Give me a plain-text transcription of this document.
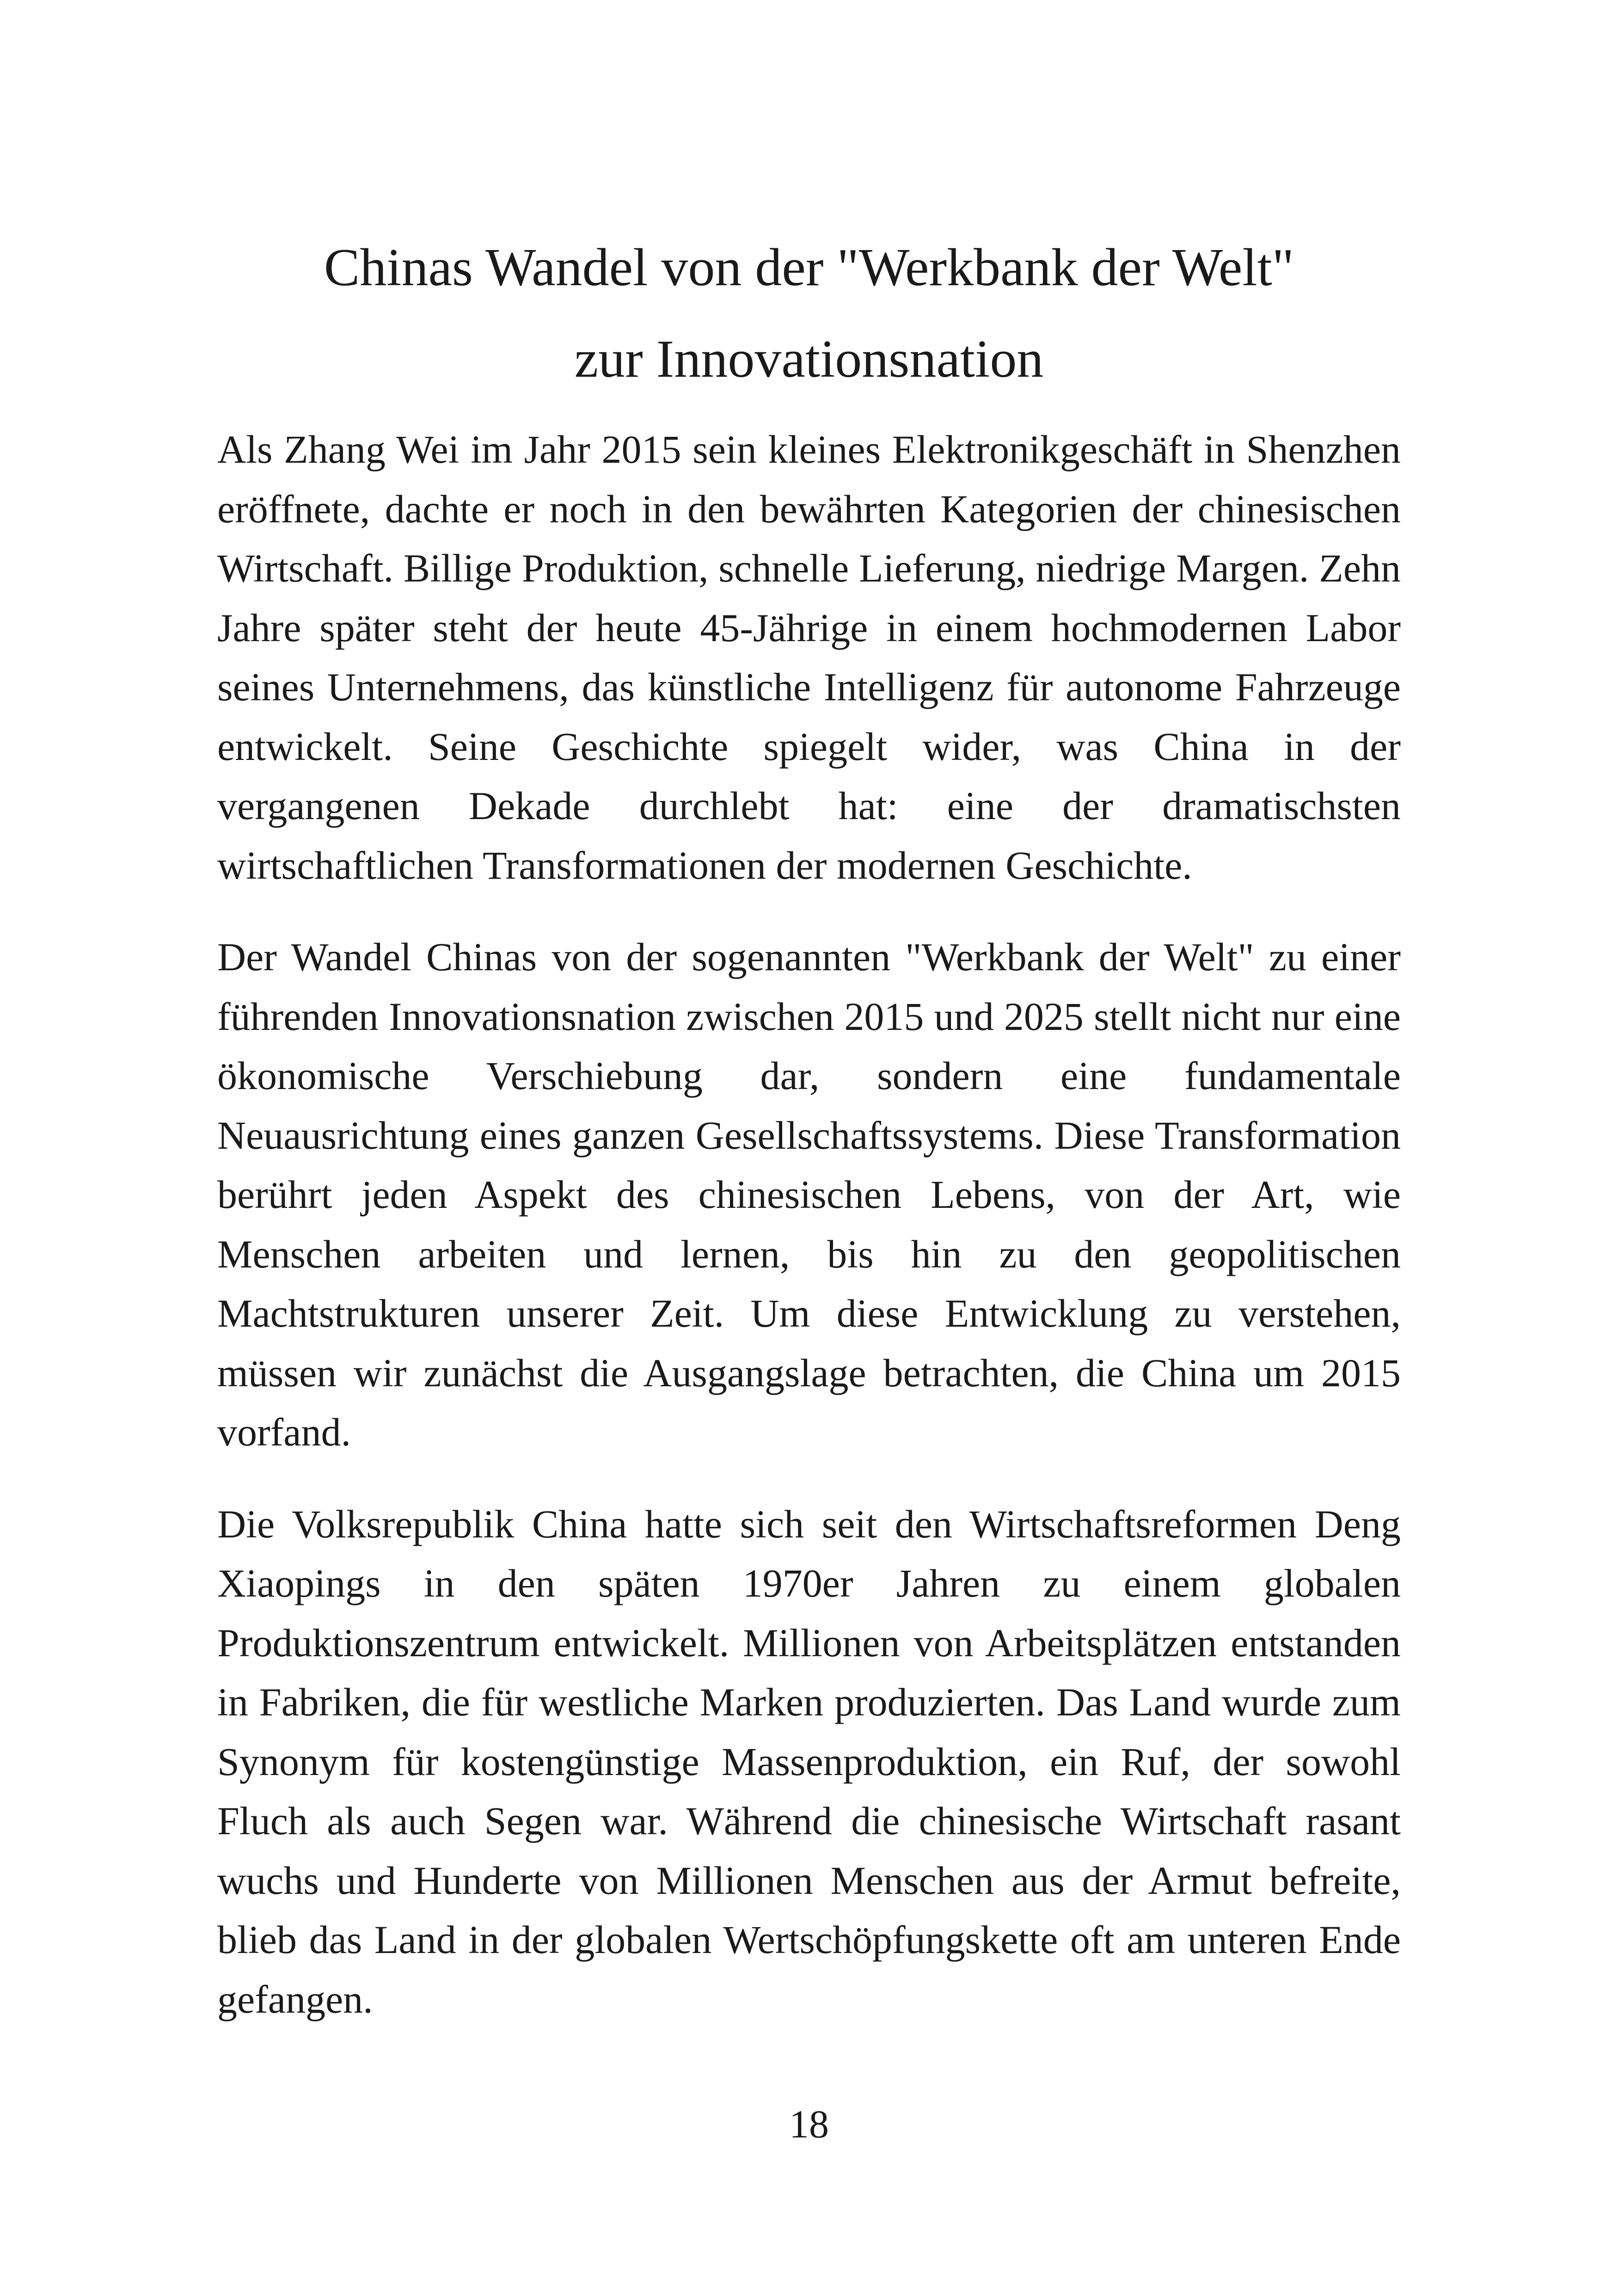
Chinas Wandel von der "Werkbank der Welt"
zur Innovationsnation

Als Zhang Wei im Jahr 2015 sein kleines Elektronikgeschäft in Shenzhen eröffnete, dachte er noch in den bewährten Kategorien der chinesischen Wirtschaft. Billige Produktion, schnelle Lieferung, niedrige Margen. Zehn Jahre später steht der heute 45-Jährige in einem hochmodernen Labor seines Unternehmens, das künstliche Intelligenz für autonome Fahrzeuge entwickelt. Seine Geschichte spiegelt wider, was China in der vergangenen Dekade durchlebt hat: eine der dramatischsten wirtschaftlichen Transformationen der modernen Geschichte.

Der Wandel Chinas von der sogenannten "Werkbank der Welt" zu einer führenden Innovationsnation zwischen 2015 und 2025 stellt nicht nur eine ökonomische Verschiebung dar, sondern eine fundamentale Neuausrichtung eines ganzen Gesellschaftssystems. Diese Transformation berührt jeden Aspekt des chinesischen Lebens, von der Art, wie Menschen arbeiten und lernen, bis hin zu den geopolitischen Machtstrukturen unserer Zeit. Um diese Entwicklung zu verstehen, müssen wir zunächst die Ausgangslage betrachten, die China um 2015 vorfand.

Die Volksrepublik China hatte sich seit den Wirtschaftsreformen Deng Xiaopings in den späten 1970er Jahren zu einem globalen Produktionszentrum entwickelt. Millionen von Arbeitsplätzen entstanden in Fabriken, die für westliche Marken produzierten. Das Land wurde zum Synonym für kostengünstige Massenproduktion, ein Ruf, der sowohl Fluch als auch Segen war. Während die chinesische Wirtschaft rasant wuchs und Hunderte von Millionen Menschen aus der Armut befreite, blieb das Land in der globalen Wertschöpfungskette oft am unteren Ende gefangen.

18
